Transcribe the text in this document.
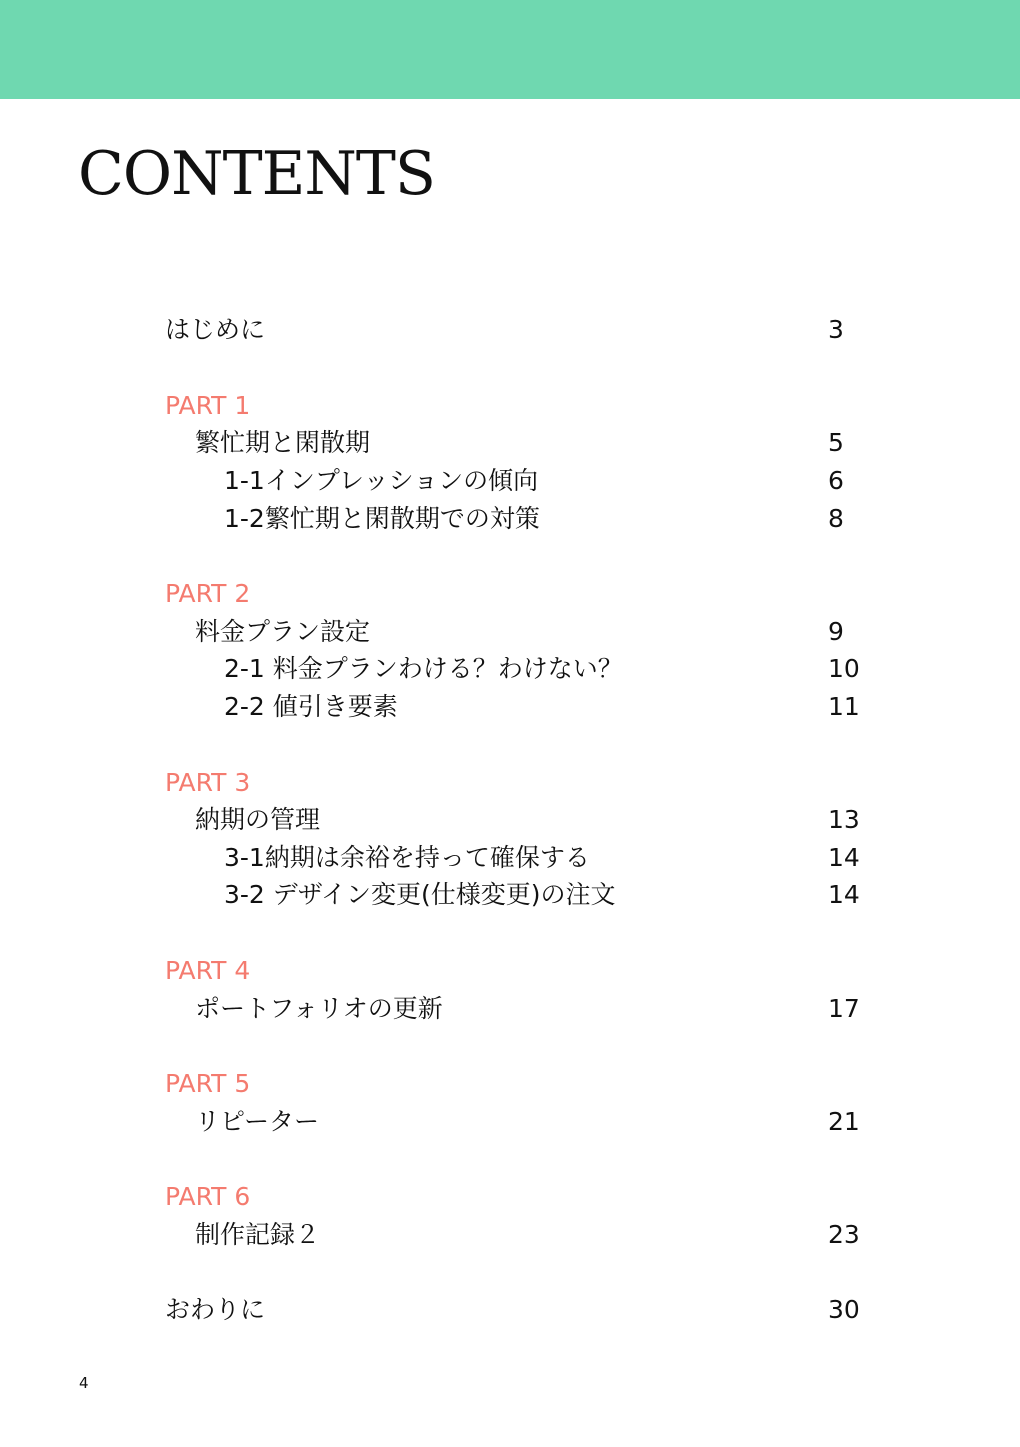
CONTENTS
はじめに	3
PART 1
繁忙期と閑散期	5
1-1インプレッションの傾向	6
1-2繁忙期と閑散期での対策	8
PART 2
料金プラン設定	9
2-1 料金プランわける？わけない？	10
2-2 値引き要素	11
PART 3
納期の管理	13
3-1納期は余裕を持って確保する	14
3-2 デザイン変更(仕様変更)の注文	14
PART 4
ポートフォリオの更新	17
PART 5
リピーター	21
PART 6
制作記録２	23
おわりに	30
4
